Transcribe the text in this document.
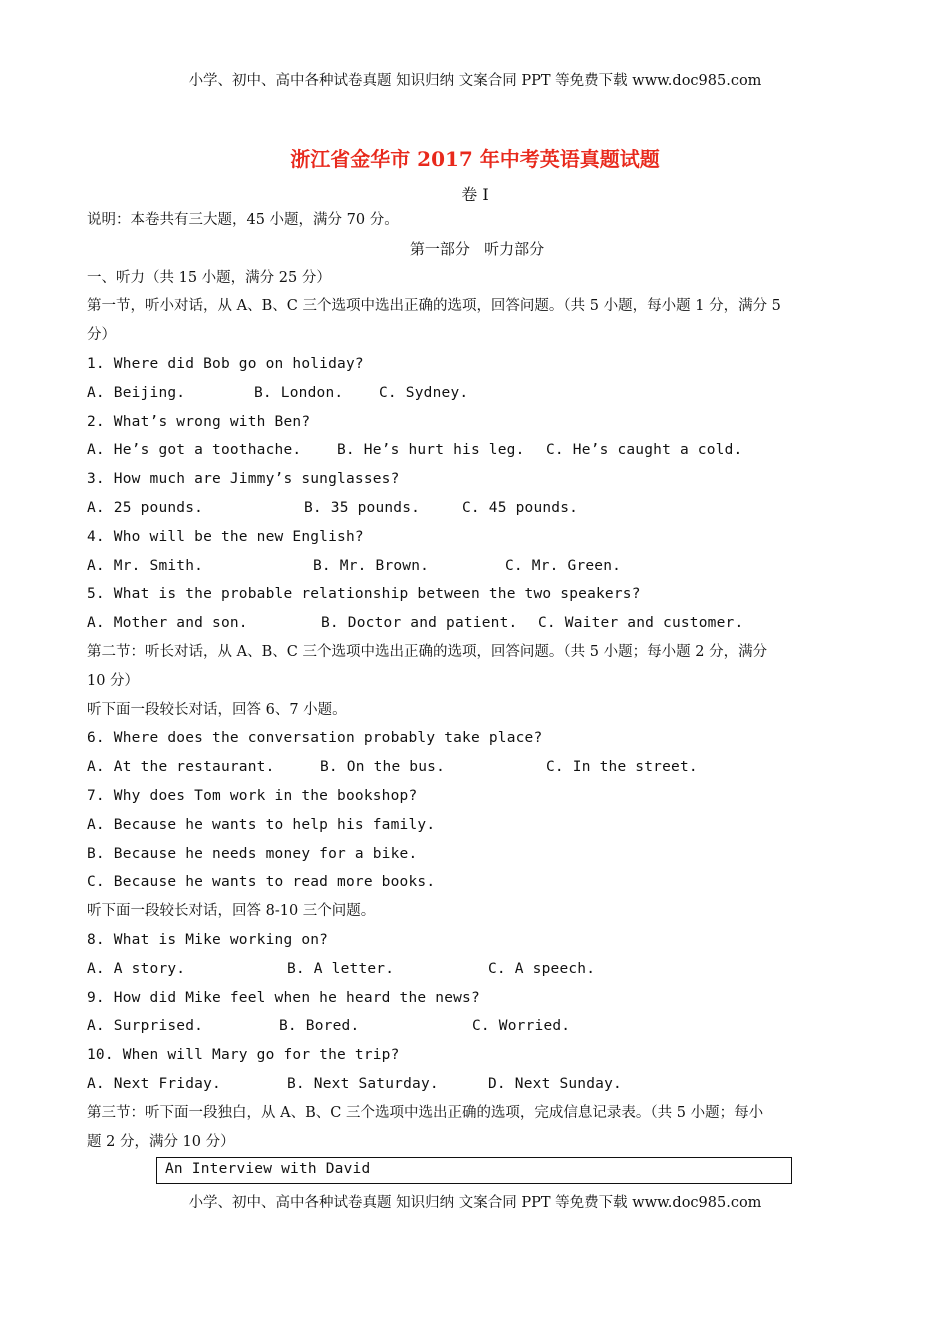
小学、初中、高中各种试卷真题 知识归纳 文案合同 PPT 等免费下载 www.doc985.com
浙江省金华市 2017 年中考英语真题试题
卷 I
说明：本卷共有三大题，45 小题，满分 70 分。
第一部分   听力部分
一、听力（共 15 小题，满分 25 分）
第一节，听小对话，从 A、B、C 三个选项中选出正确的选项，回答问题。（共 5 小题，每小题 1 分，满分 5
分）
1. Where did Bob go on holiday?
A. Beijing.	B. London.	C. Sydney.
2. What’s wrong with Ben?
A. He’s got a toothache.	B. He’s hurt his leg.	C. He’s caught a cold.
3. How much are Jimmy’s sunglasses?
A. 25 pounds.	B. 35 pounds.	C. 45 pounds.
4. Who will be the new English?
A. Mr. Smith.	B. Mr. Brown.	C. Mr. Green.
5. What is the probable relationship between the two speakers?
A. Mother and son.	B. Doctor and patient.	C. Waiter and customer.
第二节：听长对话，从 A、B、C 三个选项中选出正确的选项，回答问题。（共 5 小题；每小题 2 分，满分
10 分）
听下面一段较长对话，回答 6、7 小题。
6. Where does the conversation probably take place?
A. At the restaurant.	B. On the bus.	C. In the street.
7. Why does Tom work in the bookshop?
A. Because he wants to help his family.
B. Because he needs money for a bike.
C. Because he wants to read more books.
听下面一段较长对话，回答 8-10 三个问题。
8. What is Mike working on?
A. A story.	B. A letter.	C. A speech.
9. How did Mike feel when he heard the news?
A. Surprised.	B. Bored.	C. Worried.
10. When will Mary go for the trip?
A. Next Friday.	B. Next Saturday.	D. Next Sunday.
第三节：听下面一段独白，从 A、B、C 三个选项中选出正确的选项，完成信息记录表。（共 5 小题；每小
题 2 分，满分 10 分）
An Interview with David
小学、初中、高中各种试卷真题 知识归纳 文案合同 PPT 等免费下载 www.doc985.com
